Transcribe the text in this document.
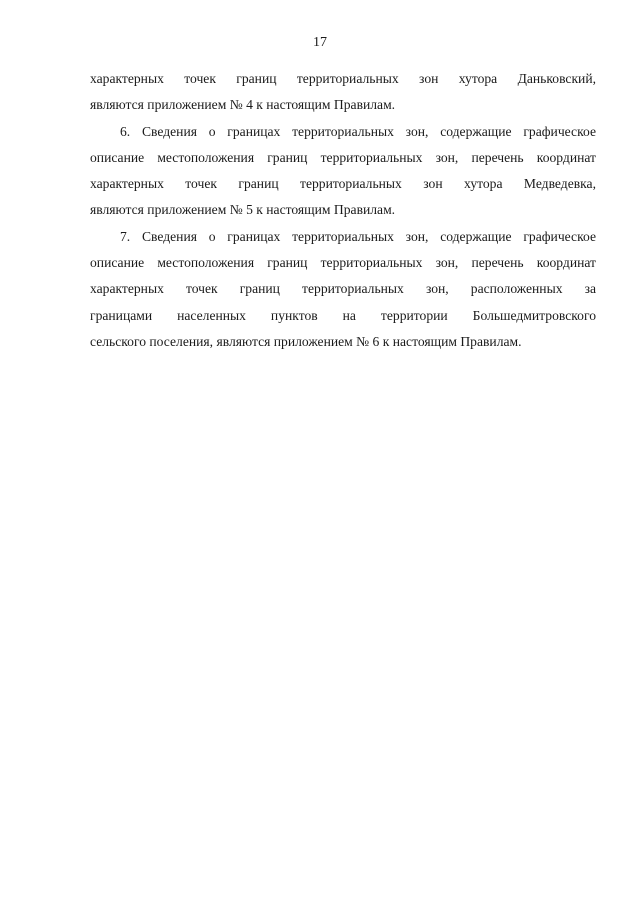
17
характерных точек границ территориальных зон хутора Даньковский,
являются приложением № 4 к настоящим Правилам.
6. Сведения о границах территориальных зон, содержащие графическое
описание местоположения границ территориальных зон, перечень координат
характерных точек границ территориальных зон хутора Медведевка,
являются приложением № 5 к настоящим Правилам.
7. Сведения о границах территориальных зон, содержащие графическое
описание местоположения границ территориальных зон, перечень координат
характерных точек границ территориальных зон, расположенных за
границами населенных пунктов на территории Большедмитровского
сельского поселения, являются приложением № 6 к настоящим Правилам.
